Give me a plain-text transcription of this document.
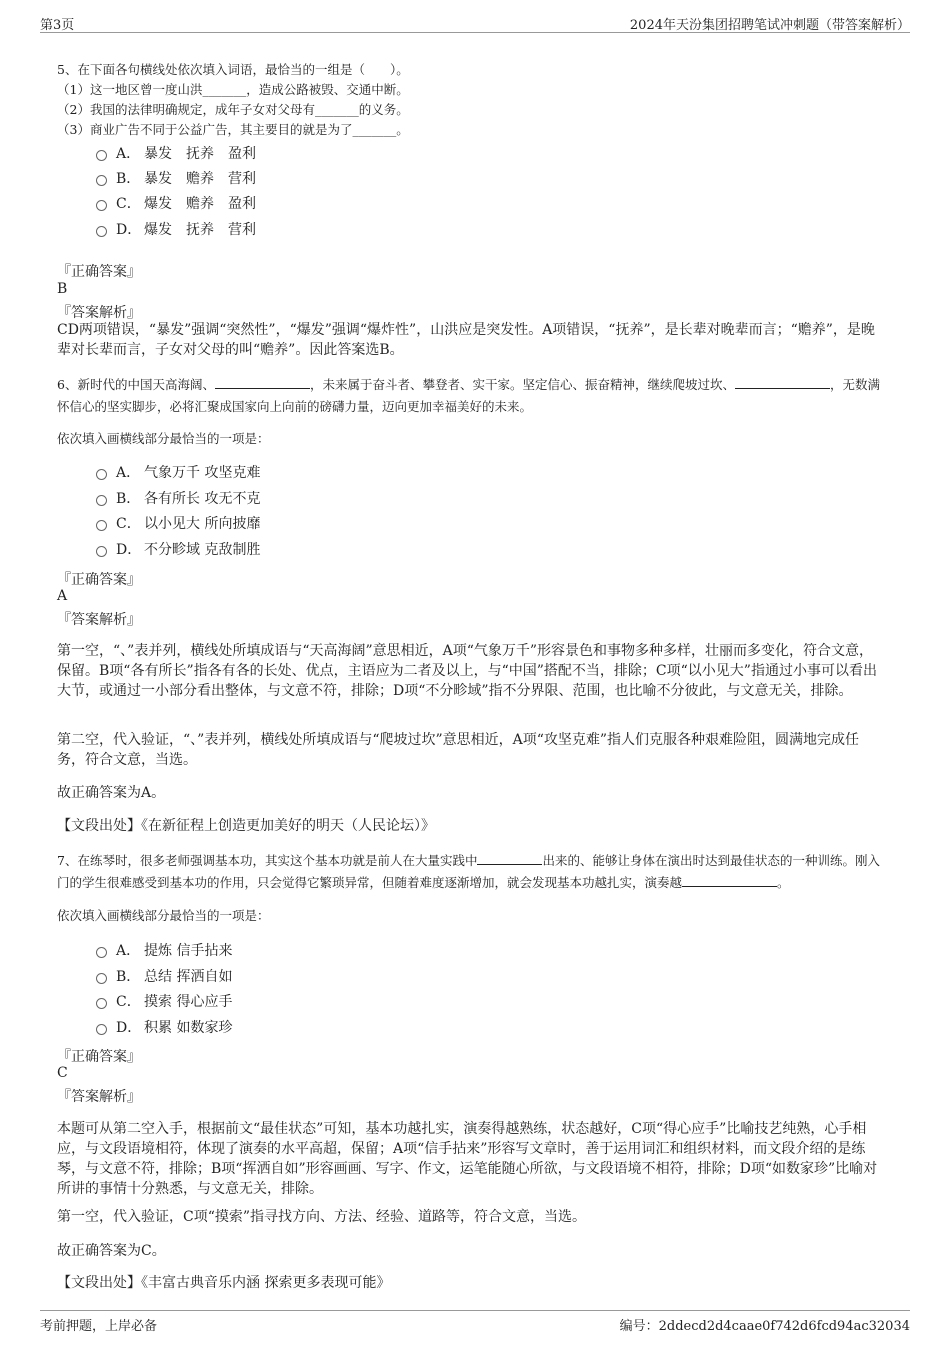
第3页	2024年天汾集团招聘笔试冲刺题（带答案解析）
5、在下面各句横线处依次填入词语，最恰当的一组是（　　）。
（1）这一地区曾一度山洪_______，造成公路被毁、交通中断。
（2）我国的法律明确规定，成年子女对父母有_______的义务。
（3）商业广告不同于公益广告，其主要目的就是为了_______。
A． 暴发　抚养　盈利
B． 暴发　赡养　营利
C． 爆发　赡养　盈利
D． 爆发　抚养　营利
『正确答案』
B
『答案解析』
CD两项错误，“暴发”强调“突然性”，“爆发”强调“爆炸性”，山洪应是突发性。A项错误，“抚养”，是长辈对晚辈而言；“赡养”，是晚辈对长辈而言，子女对父母的叫“赡养”。因此答案选B。
6、新时代的中国天高海阔、	，未来属于奋斗者、攀登者、实干家。坚定信心、振奋精神，继续爬坡过坎、	，无数满怀信心的坚实脚步，必将汇聚成国家向上向前的磅礴力量，迈向更加幸福美好的未来。
依次填入画横线部分最恰当的一项是：
A． 气象万千 攻坚克难
B． 各有所长 攻无不克
C． 以小见大 所向披靡
D． 不分畛域 克敌制胜
『正确答案』
A
『答案解析』
第一空，“、”表并列，横线处所填成语与“天高海阔”意思相近，A项“气象万千”形容景色和事物多种多样，壮丽而多变化，符合文意，保留。B项“各有所长”指各有各的长处、优点，主语应为二者及以上，与“中国”搭配不当，排除；C项“以小见大”指通过小事可以看出大节，或通过一小部分看出整体，与文意不符，排除；D项“不分畛域”指不分界限、范围，也比喻不分彼此，与文意无关，排除。
第二空，代入验证，“、”表并列，横线处所填成语与“爬坡过坎”意思相近，A项“攻坚克难”指人们克服各种艰难险阻，圆满地完成任务，符合文意，当选。
故正确答案为A。
【文段出处】《在新征程上创造更加美好的明天（人民论坛）》
7、在练琴时，很多老师强调基本功，其实这个基本功就是前人在大量实践中	出来的、能够让身体在演出时达到最佳状态的一种训练。刚入门的学生很难感受到基本功的作用，只会觉得它繁琐异常，但随着难度逐渐增加，就会发现基本功越扎实，演奏越	。
依次填入画横线部分最恰当的一项是：
A． 提炼 信手拈来
B． 总结 挥洒自如
C． 摸索 得心应手
D． 积累 如数家珍
『正确答案』
C
『答案解析』
本题可从第二空入手，根据前文“最佳状态”可知，基本功越扎实，演奏得越熟练，状态越好，C项“得心应手”比喻技艺纯熟，心手相应，与文段语境相符，体现了演奏的水平高超，保留；A项“信手拈来”形容写文章时，善于运用词汇和组织材料，而文段介绍的是练琴，与文意不符，排除；B项“挥洒自如”形容画画、写字、作文，运笔能随心所欲，与文段语境不相符，排除；D项“如数家珍”比喻对所讲的事情十分熟悉，与文意无关，排除。
第一空，代入验证，C项“摸索”指寻找方向、方法、经验、道路等，符合文意，当选。
故正确答案为C。
【文段出处】《丰富古典音乐内涵 探索更多表现可能》
考前押题，上岸必备	编号：2ddecd2d4caae0f742d6fcd94ac32034
